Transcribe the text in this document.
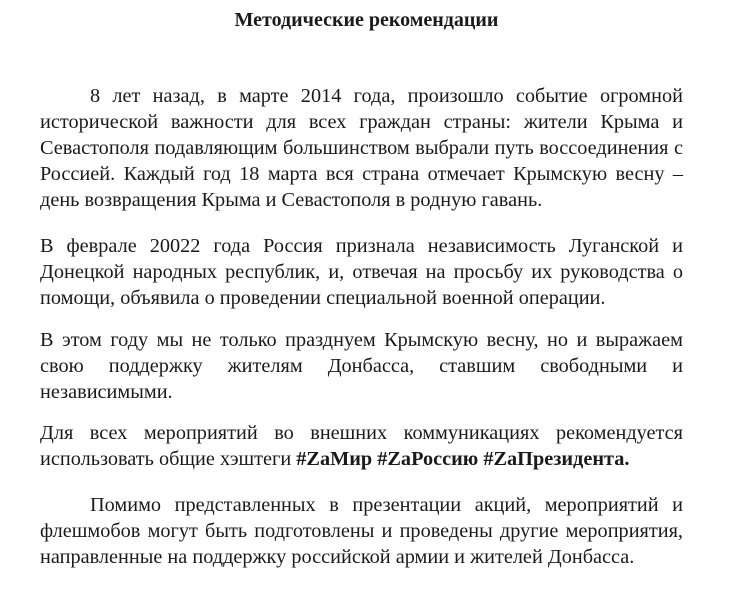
Методические рекомендации

8 лет назад, в марте 2014 года, произошло событие огромной исторической важности для всех граждан страны: жители Крыма и Севастополя подавляющим большинством выбрали путь воссоединения с Россией. Каждый год 18 марта вся страна отмечает Крымскую весну – день возвращения Крыма и Севастополя в родную гавань.

В феврале 20022 года Россия признала независимость Луганской и Донецкой народных республик, и, отвечая на просьбу их руководства о помощи, объявила о проведении специальной военной операции.

В этом году мы не только празднуем Крымскую весну, но и выражаем свою поддержку жителям Донбасса, ставшим свободными и независимыми.

Для всех мероприятий во внешних коммуникациях рекомендуется использовать общие хэштеги #ZaМир #ZaРоссию #ZaПрезидента.

Помимо представленных в презентации акций, мероприятий и флешмобов могут быть подготовлены и проведены другие мероприятия, направленные на поддержку российской армии и жителей Донбасса.
